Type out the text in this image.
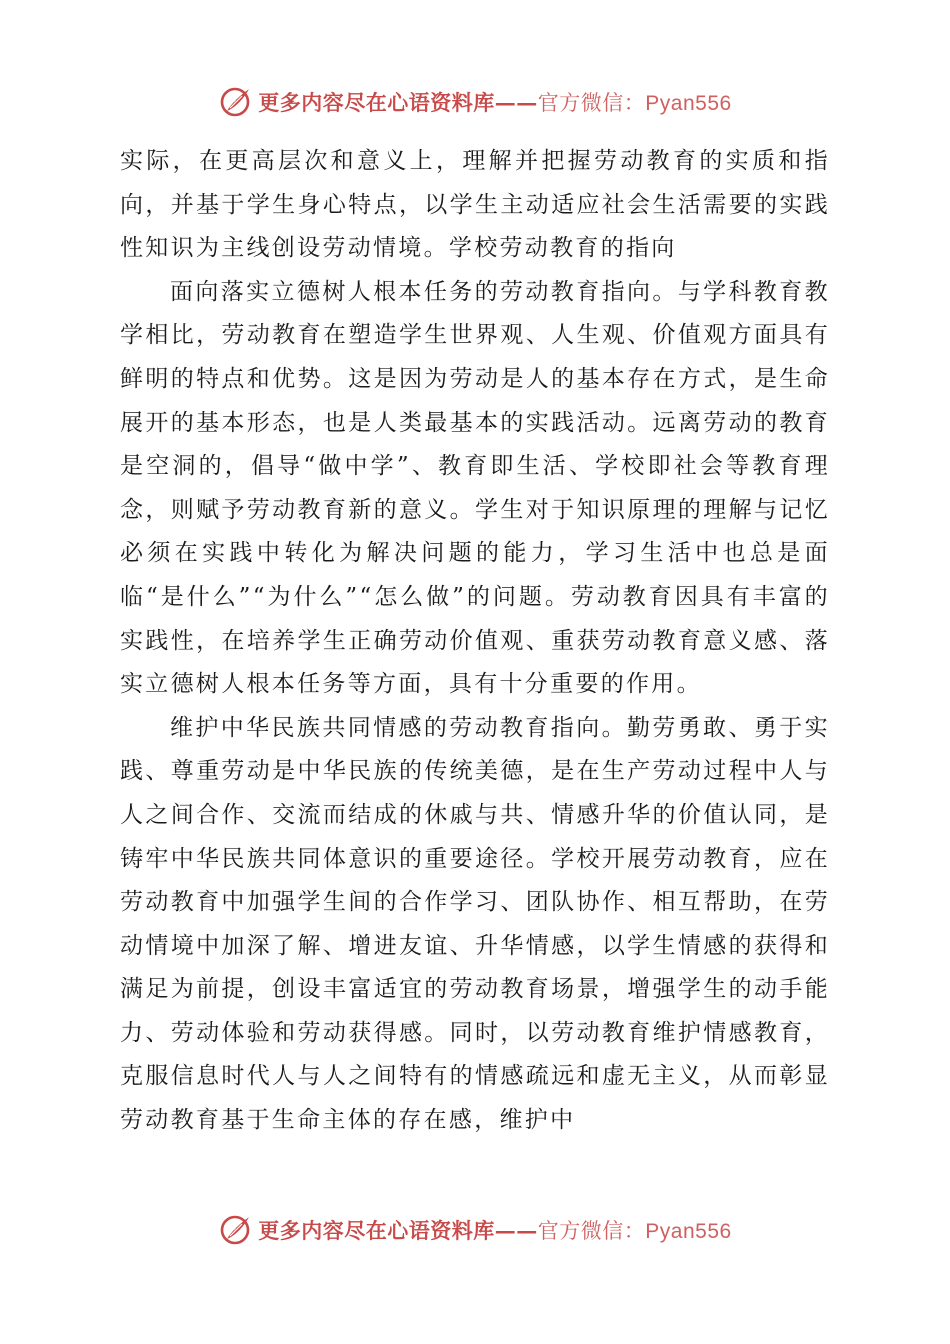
更多内容尽在心语资料库——官方微信：Pyan556

实际，在更高层次和意义上，理解并把握劳动教育的实质和指向，并基于学生身心特点，以学生主动适应社会生活需要的实践性知识为主线创设劳动情境。学校劳动教育的指向

面向落实立德树人根本任务的劳动教育指向。与学科教育教学相比，劳动教育在塑造学生世界观、人生观、价值观方面具有鲜明的特点和优势。这是因为劳动是人的基本存在方式，是生命展开的基本形态，也是人类最基本的实践活动。远离劳动的教育是空洞的，倡导“做中学”、教育即生活、学校即社会等教育理念，则赋予劳动教育新的意义。学生对于知识原理的理解与记忆必须在实践中转化为解决问题的能力，学习生活中也总是面临“是什么”“为什么”“怎么做”的问题。劳动教育因具有丰富的实践性，在培养学生正确劳动价值观、重获劳动教育意义感、落实立德树人根本任务等方面，具有十分重要的作用。

维护中华民族共同情感的劳动教育指向。勤劳勇敢、勇于实践、尊重劳动是中华民族的传统美德，是在生产劳动过程中人与人之间合作、交流而结成的休戚与共、情感升华的价值认同，是铸牢中华民族共同体意识的重要途径。学校开展劳动教育，应在劳动教育中加强学生间的合作学习、团队协作、相互帮助，在劳动情境中加深了解、增进友谊、升华情感，以学生情感的获得和满足为前提，创设丰富适宜的劳动教育场景，增强学生的动手能力、劳动体验和劳动获得感。同时，以劳动教育维护情感教育，克服信息时代人与人之间特有的情感疏远和虚无主义，从而彰显劳动教育基于生命主体的存在感，维护中

更多内容尽在心语资料库——官方微信：Pyan556
